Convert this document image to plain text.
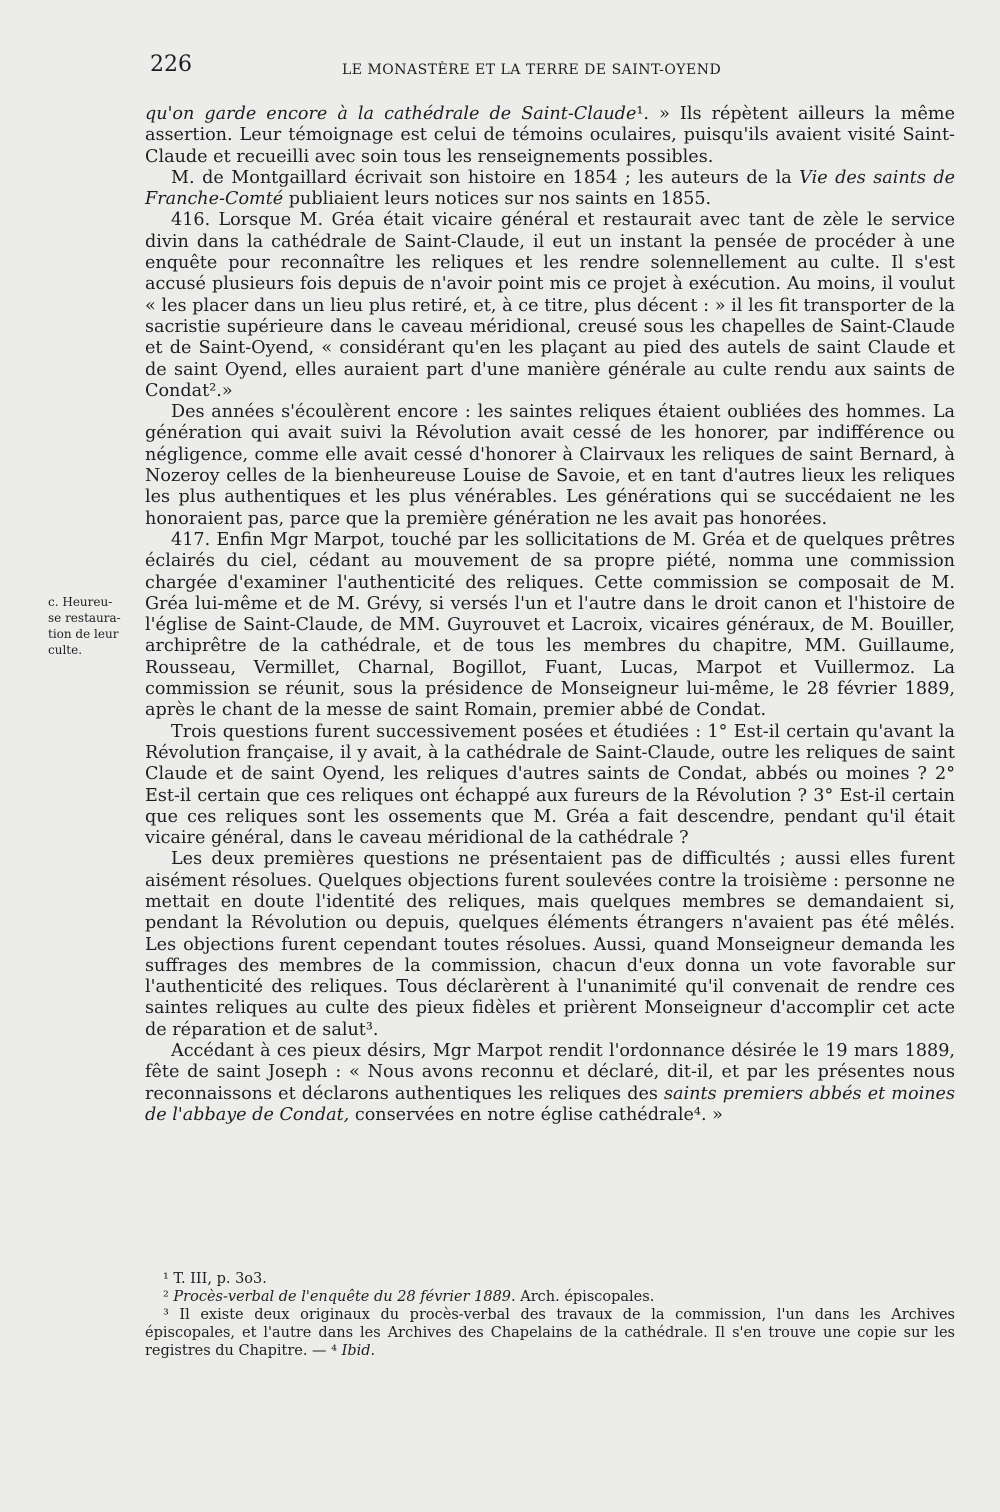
226	LE MONASTÈRE ET LA TERRE DE SAINT-OYEND
c. Heureu-
se restaura-
tion de leur
culte.

qu'on garde encore à la cathédrale de Saint-Claude¹. » Ils répètent ailleurs la même assertion. Leur témoignage est celui de témoins oculaires, puisqu'ils avaient visité Saint-Claude et recueilli avec soin tous les renseignements possibles.

M. de Montgaillard écrivait son histoire en 1854 ; les auteurs de la Vie des saints de Franche-Comté publiaient leurs notices sur nos saints en 1855.

416. Lorsque M. Gréa était vicaire général et restaurait avec tant de zèle le service divin dans la cathédrale de Saint-Claude, il eut un instant la pensée de procéder à une enquête pour reconnaître les reliques et les rendre solennellement au culte. Il s'est accusé plusieurs fois depuis de n'avoir point mis ce projet à exécution. Au moins, il voulut « les placer dans un lieu plus retiré, et, à ce titre, plus décent : » il les fit transporter de la sacristie supérieure dans le caveau méridional, creusé sous les chapelles de Saint-Claude et de Saint-Oyend, « considérant qu'en les plaçant au pied des autels de saint Claude et de saint Oyend, elles auraient part d'une manière générale au culte rendu aux saints de Condat².»

Des années s'écoulèrent encore : les saintes reliques étaient oubliées des hommes. La génération qui avait suivi la Révolution avait cessé de les honorer, par indifférence ou négligence, comme elle avait cessé d'honorer à Clairvaux les reliques de saint Bernard, à Nozeroy celles de la bienheureuse Louise de Savoie, et en tant d'autres lieux les reliques les plus authentiques et les plus vénérables. Les générations qui se succédaient ne les honoraient pas, parce que la première génération ne les avait pas honorées.

417. Enfin Mgr Marpot, touché par les sollicitations de M. Gréa et de quelques prêtres éclairés du ciel, cédant au mouvement de sa propre piété, nomma une commission chargée d'examiner l'authenticité des reliques. Cette commission se composait de M. Gréa lui-même et de M. Grévy, si versés l'un et l'autre dans le droit canon et l'histoire de l'église de Saint-Claude, de MM. Guyrouvet et Lacroix, vicaires généraux, de M. Bouiller, archiprêtre de la cathédrale, et de tous les membres du chapitre, MM. Guillaume, Rousseau, Vermillet, Charnal, Bogillot, Fuant, Lucas, Marpot et Vuillermoz. La commission se réunit, sous la présidence de Monseigneur lui-même, le 28 février 1889, après le chant de la messe de saint Romain, premier abbé de Condat.

Trois questions furent successivement posées et étudiées : 1° Est-il certain qu'avant la Révolution française, il y avait, à la cathédrale de Saint-Claude, outre les reliques de saint Claude et de saint Oyend, les reliques d'autres saints de Condat, abbés ou moines ? 2° Est-il certain que ces reliques ont échappé aux fureurs de la Révolution ? 3° Est-il certain que ces reliques sont les ossements que M. Gréa a fait descendre, pendant qu'il était vicaire général, dans le caveau méridional de la cathédrale ?

Les deux premières questions ne présentaient pas de difficultés ; aussi elles furent aisément résolues. Quelques objections furent soulevées contre la troisième : personne ne mettait en doute l'identité des reliques, mais quelques membres se demandaient si, pendant la Révolution ou depuis, quelques éléments étrangers n'avaient pas été mêlés. Les objections furent cependant toutes résolues. Aussi, quand Monseigneur demanda les suffrages des membres de la commission, chacun d'eux donna un vote favorable sur l'authenticité des reliques. Tous déclarèrent à l'unanimité qu'il convenait de rendre ces saintes reliques au culte des pieux fidèles et prièrent Monseigneur d'accomplir cet acte de réparation et de salut³.

Accédant à ces pieux désirs, Mgr Marpot rendit l'ordonnance désirée le 19 mars 1889, fête de saint Joseph : « Nous avons reconnu et déclaré, dit-il, et par les présentes nous reconnaissons et déclarons authentiques les reliques des saints premiers abbés et moines de l'abbaye de Condat, conservées en notre église cathédrale⁴. »

¹ T. III, p. 3o3.

² Procès-verbal de l'enquête du 28 février 1889. Arch. épiscopales.

³ Il existe deux originaux du procès-verbal des travaux de la commission, l'un dans les Archives épiscopales, et l'autre dans les Archives des Chapelains de la cathédrale. Il s'en trouve une copie sur les registres du Chapitre. — ⁴ Ibid.
